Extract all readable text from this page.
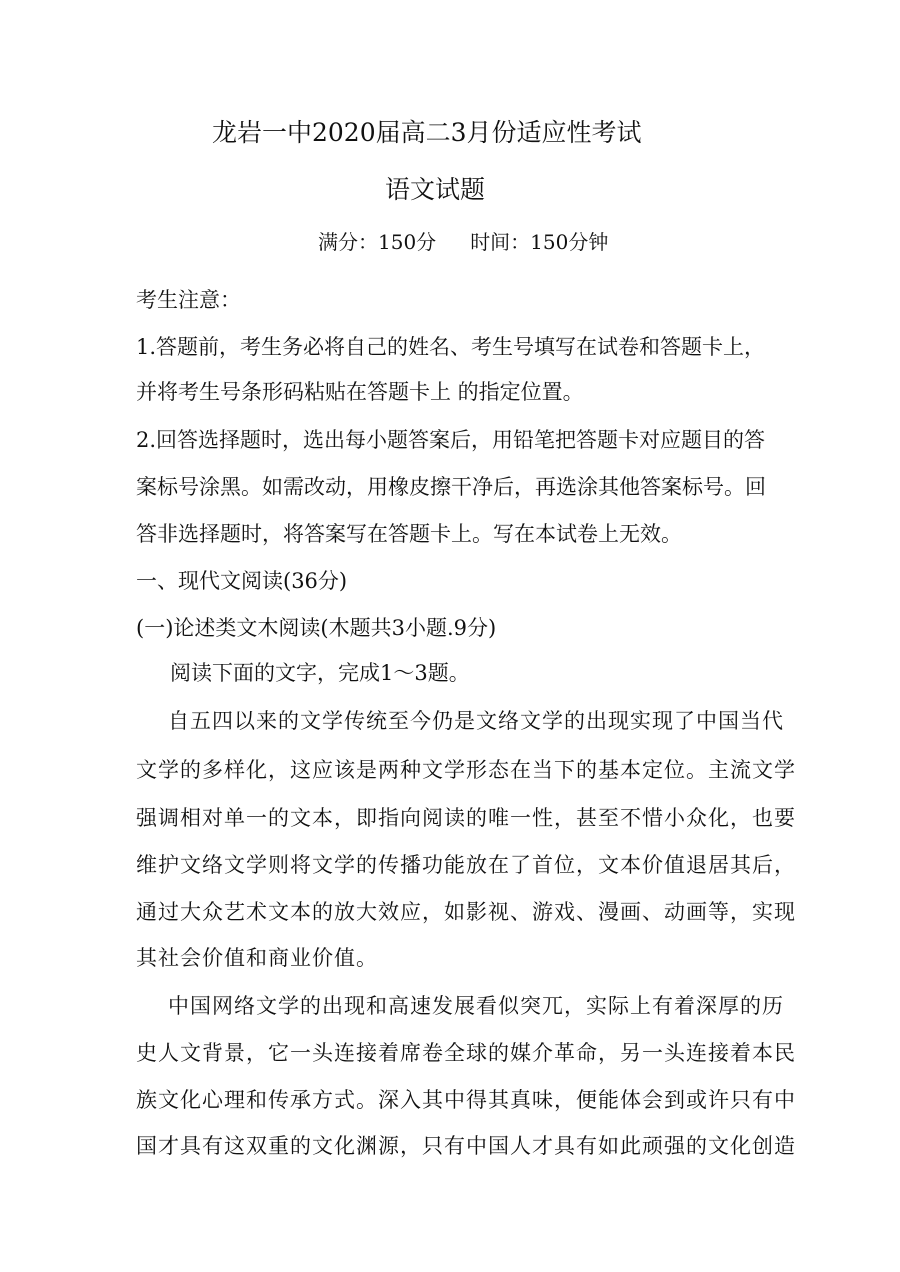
龙岩一中2020届高二3月份适应性考试
语文试题
满分：150分 时间：150分钟
考生注意：
1.答题前，考生务必将自己的姓名、考生号填写在试卷和答题卡上，
并将考生号条形码粘贴在答题卡上 的指定位置。
2.回答选择题时，选出每小题答案后，用铅笔把答题卡对应题目的答
案标号涂黑。如需改动，用橡皮擦干净后，再选涂其他答案标号。回
答非选择题时，将答案写在答题卡上。写在本试卷上无效。
一、现代文阅读(36分)
(一)论述类文木阅读(木题共3小题.9分)
阅读下面的文字，完成1～3题。
自五四以来的文学传统至今仍是文络文学的出现实现了中国当代
文学的多样化，这应该是两种文学形态在当下的基本定位。主流文学
强调相对单一的文本，即指向阅读的唯一性，甚至不惜小众化，也要
维护文络文学则将文学的传播功能放在了首位，文本价值退居其后，
通过大众艺术文本的放大效应，如影视、游戏、漫画、动画等，实现
其社会价值和商业价值。
中国网络文学的出现和高速发展看似突兀，实际上有着深厚的历
史人文背景，它一头连接着席卷全球的媒介革命，另一头连接着本民
族文化心理和传承方式。深入其中得其真味，便能体会到或许只有中
国才具有这双重的文化渊源，只有中国人才具有如此顽强的文化创造
